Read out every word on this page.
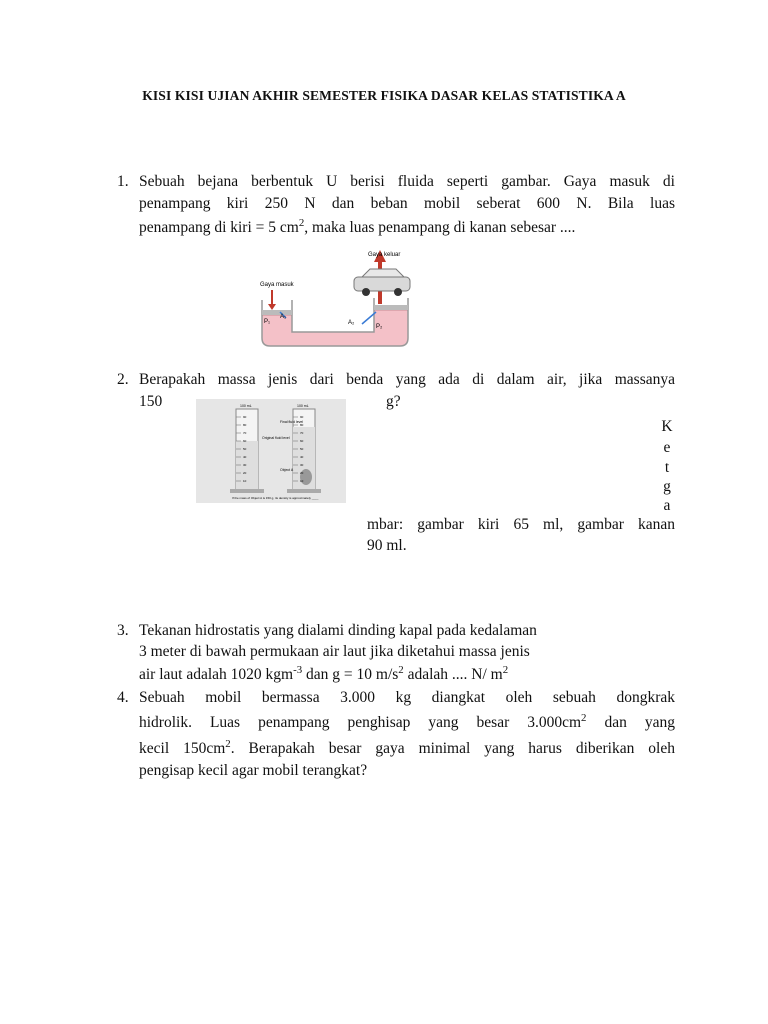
KISI KISI UJIAN AKHIR SEMESTER FISIKA DASAR KELAS STATISTIKA A
1. Sebuah bejana berbentuk U berisi fluida seperti gambar. Gaya masuk di
penampang kiri 250 N dan beban mobil seberat 600 N. Bila luas
penampang di kiri = 5 $cm^2$, maka luas penampang di kanan sebesar ....
Gaya keluar
Gaya masuk
A₁
A₂
P₁
P₂
2. Berapakah massa jenis dari benda yang ada di dalam air, jika massanya
150	g?
90
80
70
60
50
40
30
20
10
90
80
70
60
50
40
30
20
10
100 mL	100 mL
Final fluid level
Original fluid level
Object A
If the mass of Object A is 150 g, its density is approximately ____
K
e
t
g
a
mbar: gambar kiri 65 ml, gambar kanan
90 ml.
3. Tekanan hidrostatis yang dialami dinding kapal pada kedalaman
3 meter di bawah permukaan air laut jika diketahui massa jenis
air laut adalah 1020 kgm$^{-3}$ dan g = 10 $m/s^2$ adalah .... N/ $m^2$
4. Sebuah mobil bermassa 3.000 kg diangkat oleh sebuah dongkrak
hidrolik. Luas penampang penghisap yang besar $3.000cm^2$ dan yang
kecil $150cm^2$. Berapakah besar gaya minimal yang harus diberikan oleh
pengisap kecil agar mobil terangkat?
